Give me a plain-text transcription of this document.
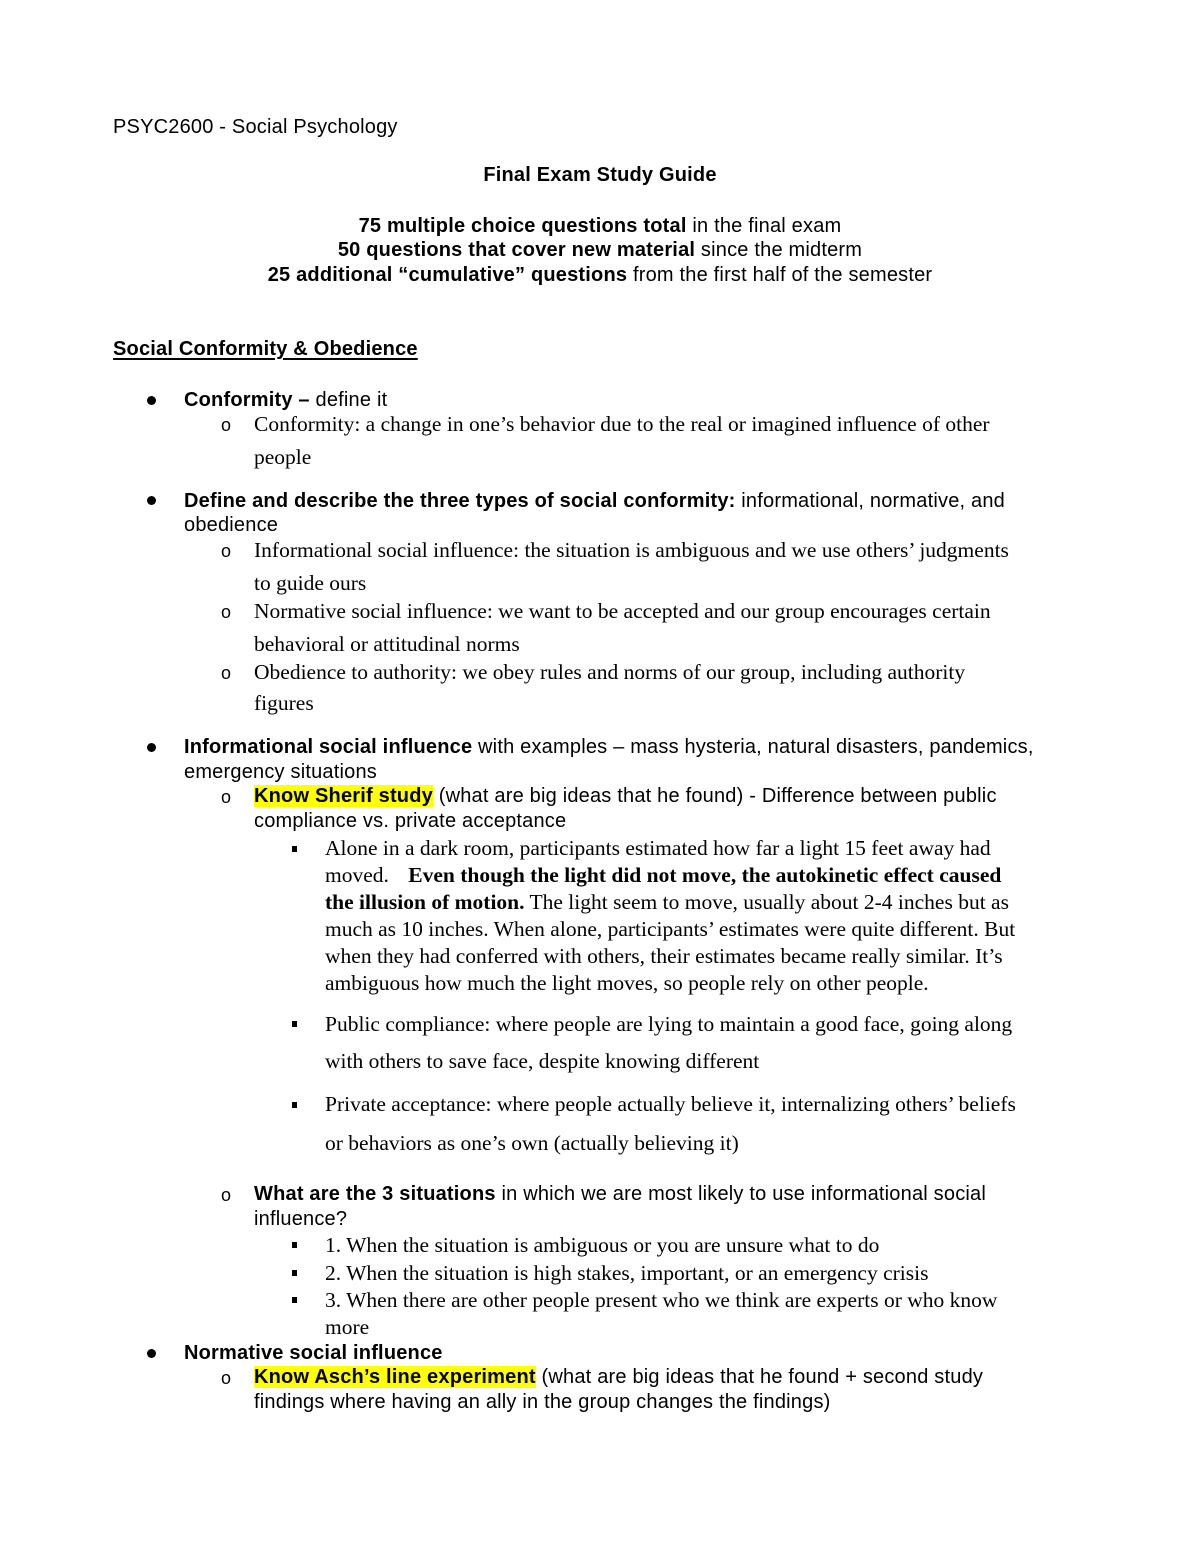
PSYC2600 - Social Psychology
Final Exam Study Guide
75 multiple choice questions total in the final exam
50 questions that cover new material since the midterm
25 additional “cumulative” questions from the first half of the semester
Social Conformity & Obedience
Conformity – define it
o Conformity: a change in one’s behavior due to the real or imagined influence of other
people
Define and describe the three types of social conformity: informational, normative, and
obedience
o Informational social influence: the situation is ambiguous and we use others’ judgments
to guide ours
o Normative social influence: we want to be accepted and our group encourages certain
behavioral or attitudinal norms
o Obedience to authority: we obey rules and norms of our group, including authority
figures
Informational social influence with examples – mass hysteria, natural disasters, pandemics,
emergency situations
o Know Sherif study (what are big ideas that he found) - Difference between public
compliance vs. private acceptance
Alone in a dark room, participants estimated how far a light 15 feet away had
moved. Even though the light did not move, the autokinetic effect caused
the illusion of motion. The light seem to move, usually about 2-4 inches but as
much as 10 inches. When alone, participants’ estimates were quite different. But
when they had conferred with others, their estimates became really similar. It’s
ambiguous how much the light moves, so people rely on other people.
Public compliance: where people are lying to maintain a good face, going along
with others to save face, despite knowing different
Private acceptance: where people actually believe it, internalizing others’ beliefs
or behaviors as one’s own (actually believing it)
o What are the 3 situations in which we are most likely to use informational social
influence?
1. When the situation is ambiguous or you are unsure what to do
2. When the situation is high stakes, important, or an emergency crisis
3. When there are other people present who we think are experts or who know
more
Normative social influence
o Know Asch’s line experiment (what are big ideas that he found + second study
findings where having an ally in the group changes the findings)
